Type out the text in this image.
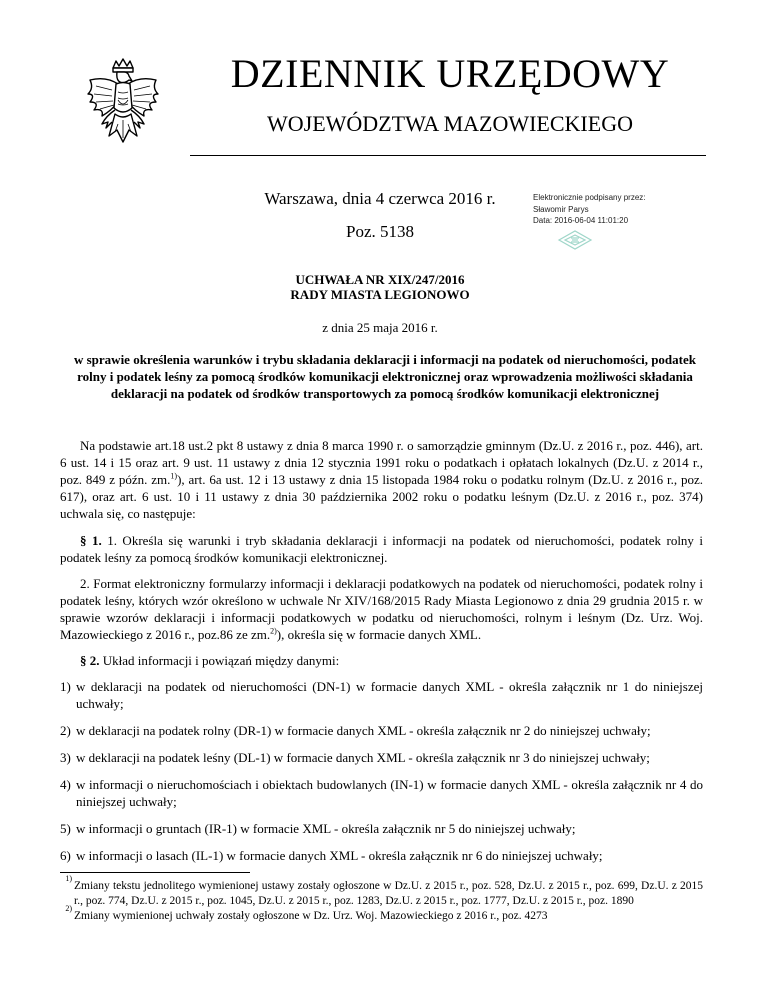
DZIENNIK URZĘDOWY
WOJEWÓDZTWA MAZOWIECKIEGO
Warszawa, dnia 4 czerwca 2016 r.
Poz. 5138
Elektronicznie podpisany przez:
Sławomir Parys
Data: 2016-06-04 11:01:20
UCHWAŁA NR XIX/247/2016
RADY MIASTA LEGIONOWO
z dnia 25 maja 2016 r.
w sprawie określenia warunków i trybu składania deklaracji i informacji na podatek od nieruchomości, podatek rolny i podatek leśny za pomocą środków komunikacji elektronicznej oraz wprowadzenia możliwości składania deklaracji na podatek od środków transportowych za pomocą środków komunikacji elektronicznej

Na podstawie art.18 ust.2 pkt 8 ustawy z dnia 8 marca 1990 r. o samorządzie gminnym (Dz.U. z 2016 r., poz. 446), art. 6 ust. 14 i 15 oraz art. 9 ust. 11 ustawy z dnia 12 stycznia 1991 roku o podatkach i opłatach lokalnych (Dz.U. z 2014 r., poz. 849 z późn. zm.$^{1)}$), art. 6a ust. 12 i 13 ustawy z dnia 15 listopada 1984 roku o podatku rolnym (Dz.U. z 2016 r., poz. 617), oraz art. 6 ust. 10 i 11 ustawy z dnia 30 października 2002 roku o podatku leśnym (Dz.U. z 2016 r., poz. 374) uchwala się, co następuje:

§ 1. 1. Określa się warunki i tryb składania deklaracji i informacji na podatek od nieruchomości, podatek rolny i podatek leśny za pomocą środków komunikacji elektronicznej.

2. Format elektroniczny formularzy informacji i deklaracji podatkowych na podatek od nieruchomości, podatek rolny i podatek leśny, których wzór określono w uchwale Nr XIV/168/2015 Rady Miasta Legionowo z dnia 29 grudnia 2015 r. w sprawie wzorów deklaracji i informacji podatkowych w podatku od nieruchomości, rolnym i leśnym (Dz. Urz. Woj. Mazowieckiego z 2016 r., poz.86 ze zm.$^{2)}$), określa się w formacie danych XML.

§ 2. Układ informacji i powiązań między danymi:

1) w deklaracji na podatek od nieruchomości (DN-1) w formacie danych XML - określa załącznik nr 1 do niniejszej uchwały;
2) w deklaracji na podatek rolny (DR-1) w formacie danych XML - określa załącznik nr 2 do niniejszej uchwały;
3) w deklaracji na podatek leśny (DL-1) w formacie danych XML - określa załącznik nr 3 do niniejszej uchwały;
4) w informacji o nieruchomościach i obiektach budowlanych (IN-1) w formacie danych XML - określa załącznik nr 4 do niniejszej uchwały;
5) w informacji o gruntach (IR-1) w formacie XML - określa załącznik nr 5 do niniejszej uchwały;
6) w informacji o lasach (IL-1) w formacie danych XML - określa załącznik nr 6 do niniejszej uchwały;
1)
Zmiany tekstu jednolitego wymienionej ustawy zostały ogłoszone w Dz.U. z 2015 r., poz. 528, Dz.U. z 2015 r., poz. 699, Dz.U. z 2015 r., poz. 774, Dz.U. z 2015 r., poz. 1045, Dz.U. z 2015 r., poz. 1283, Dz.U. z 2015 r., poz. 1777, Dz.U. z 2015 r., poz. 1890
2)
Zmiany wymienionej uchwały zostały ogłoszone w Dz. Urz. Woj. Mazowieckiego z 2016 r., poz. 4273
